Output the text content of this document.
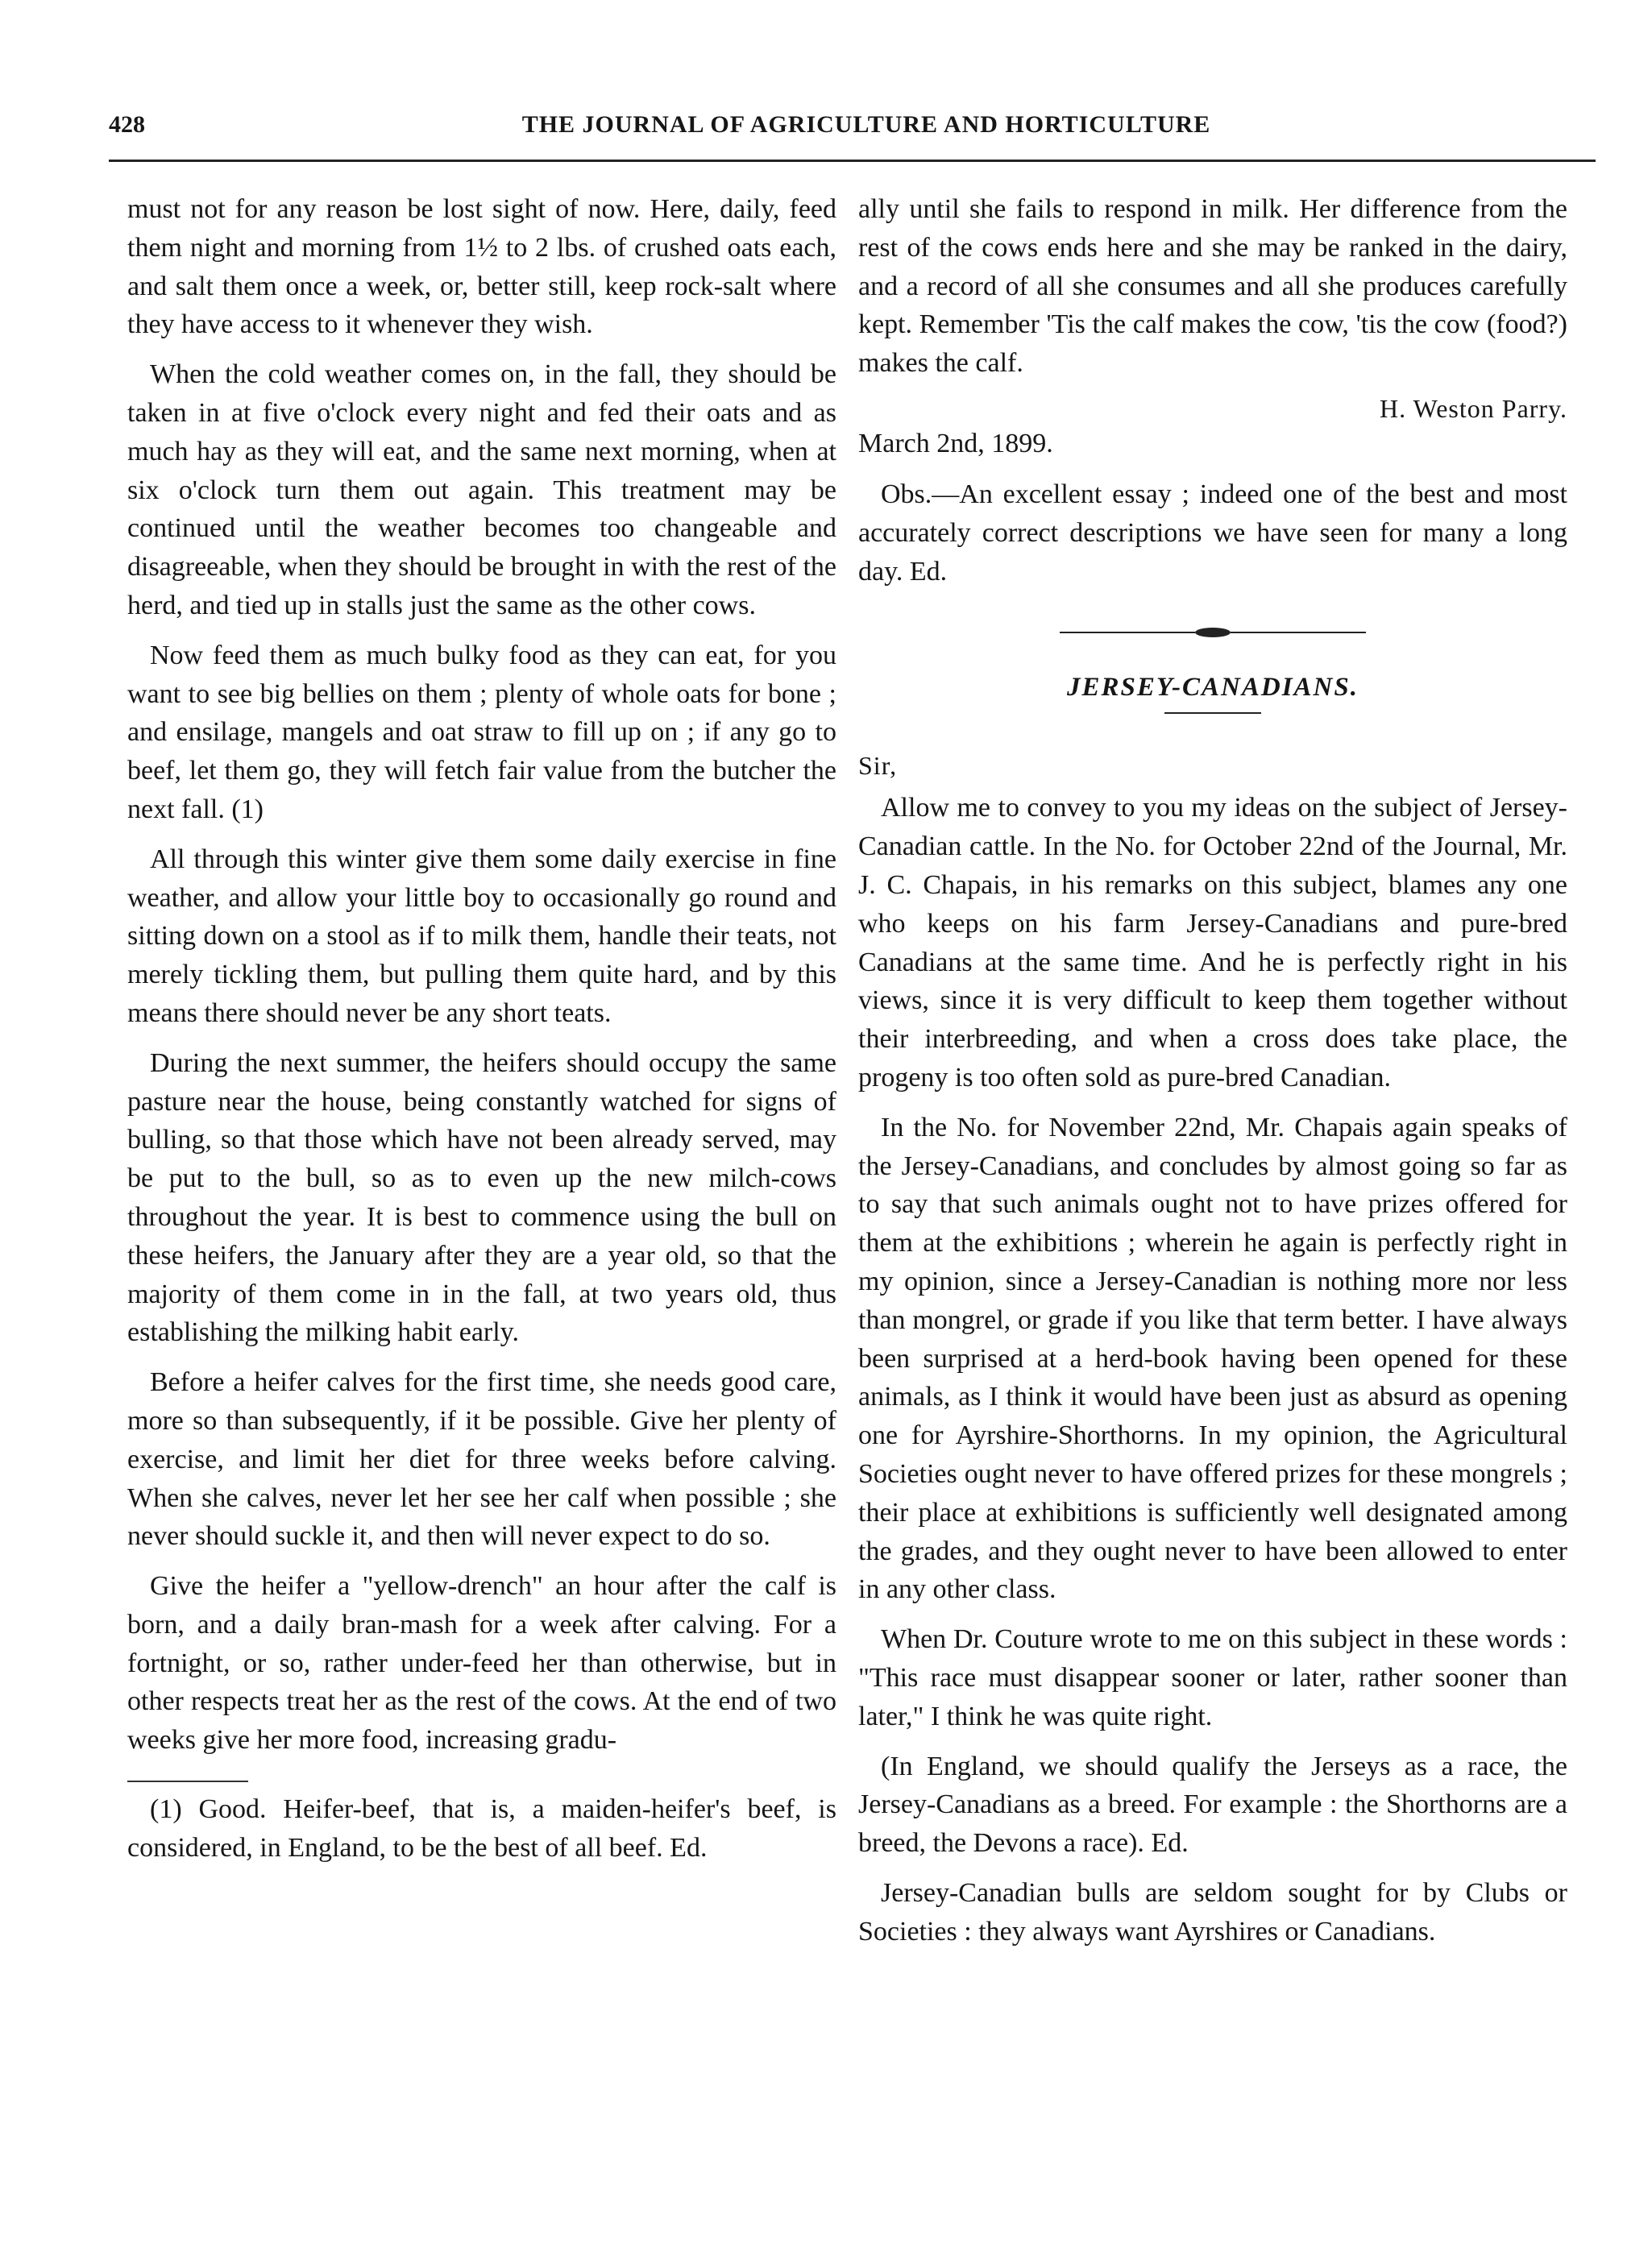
428	THE JOURNAL OF AGRICULTURE AND HORTICULTURE

must not for any reason be lost sight of now. Here, daily, feed them night and morning from 1½ to 2 lbs. of crushed oats each, and salt them once a week, or, better still, keep rock-salt where they have access to it whenever they wish.

When the cold weather comes on, in the fall, they should be taken in at five o'clock every night and fed their oats and as much hay as they will eat, and the same next morning, when at six o'clock turn them out again. This treatment may be continued until the weather becomes too changeable and disagreeable, when they should be brought in with the rest of the herd, and tied up in stalls just the same as the other cows.

Now feed them as much bulky food as they can eat, for you want to see big bellies on them ; plenty of whole oats for bone ; and ensilage, mangels and oat straw to fill up on ; if any go to beef, let them go, they will fetch fair value from the butcher the next fall. (1)

All through this winter give them some daily exercise in fine weather, and allow your little boy to occasionally go round and sitting down on a stool as if to milk them, handle their teats, not merely tickling them, but pulling them quite hard, and by this means there should never be any short teats.

During the next summer, the heifers should occupy the same pasture near the house, being constantly watched for signs of bulling, so that those which have not been already served, may be put to the bull, so as to even up the new milch-cows throughout the year. It is best to commence using the bull on these heifers, the January after they are a year old, so that the majority of them come in in the fall, at two years old, thus establishing the milking habit early.

Before a heifer calves for the first time, she needs good care, more so than subsequently, if it be possible. Give her plenty of exercise, and limit her diet for three weeks before calving. When she calves, never let her see her calf when possible ; she never should suckle it, and then will never expect to do so.

Give the heifer a "yellow-drench" an hour after the calf is born, and a daily bran-mash for a week after calving. For a fortnight, or so, rather under-feed her than otherwise, but in other respects treat her as the rest of the cows. At the end of two weeks give her more food, increasing gradu-

(1) Good. Heifer-beef, that is, a maiden-heifer's beef, is considered, in England, to be the best of all beef. Ed.

ally until she fails to respond in milk. Her difference from the rest of the cows ends here and she may be ranked in the dairy, and a record of all she consumes and all she produces carefully kept. Remember 'Tis the calf makes the cow, 'tis the cow (food?) makes the calf.

H. Weston Parry.
March 2nd, 1899.

Obs.—An excellent essay ; indeed one of the best and most accurately correct descriptions we have seen for many a long day. Ed.

JERSEY-CANADIANS.
Sir,

Allow me to convey to you my ideas on the subject of Jersey-Canadian cattle. In the No. for October 22nd of the Journal, Mr. J. C. Chapais, in his remarks on this subject, blames any one who keeps on his farm Jersey-Canadians and pure-bred Canadians at the same time. And he is perfectly right in his views, since it is very difficult to keep them together without their interbreeding, and when a cross does take place, the progeny is too often sold as pure-bred Canadian.

In the No. for November 22nd, Mr. Chapais again speaks of the Jersey-Canadians, and concludes by almost going so far as to say that such animals ought not to have prizes offered for them at the exhibitions ; wherein he again is perfectly right in my opinion, since a Jersey-Canadian is nothing more nor less than mongrel, or grade if you like that term better. I have always been surprised at a herd-book having been opened for these animals, as I think it would have been just as absurd as opening one for Ayrshire-Shorthorns. In my opinion, the Agricultural Societies ought never to have offered prizes for these mongrels ; their place at exhibitions is sufficiently well designated among the grades, and they ought never to have been allowed to enter in any other class.

When Dr. Couture wrote to me on this subject in these words : "This race must disappear sooner or later, rather sooner than later," I think he was quite right.

(In England, we should qualify the Jerseys as a race, the Jersey-Canadians as a breed. For example : the Shorthorns are a breed, the Devons a race). Ed.

Jersey-Canadian bulls are seldom sought for by Clubs or Societies : they always want Ayrshires or Canadians.
